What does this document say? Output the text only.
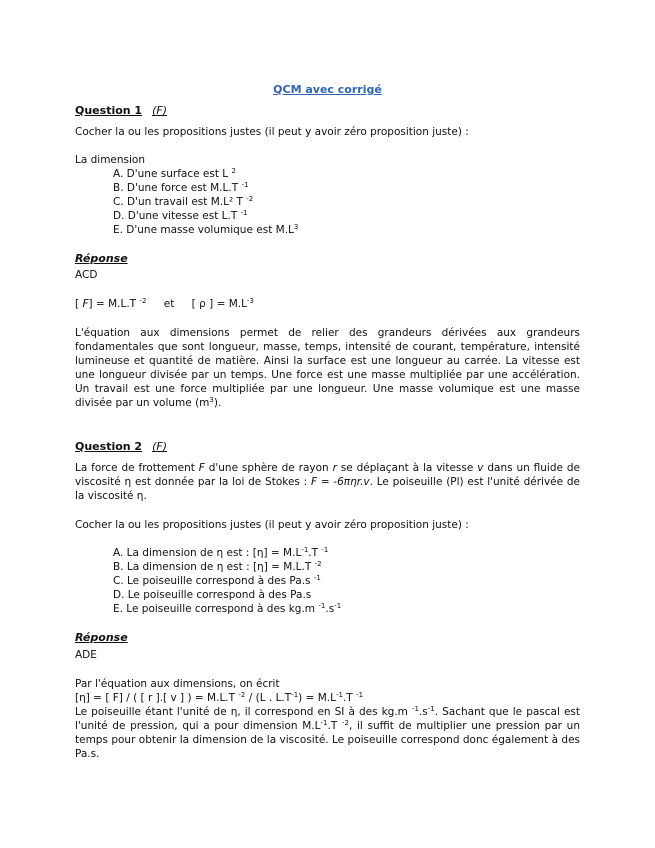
QCM avec corrigé
Question 1 (F)
Cocher la ou les propositions justes (il peut y avoir zéro proposition juste) :
La dimension
A. D'une surface est L $^2$
B. D'une force est M.L.T $^{-1}$
C. D'un travail est M.L² T $^{-2}$
D. D'une vitesse est L.T $^{-1}$
E. D'une masse volumique est $M.L^3$
Réponse
ACD
[ F] = M.L.T $^{-2}$ et [ ρ ] = $M.L^{-3}$

L'équation aux dimensions permet de relier des grandeurs dérivées aux grandeurs fondamentales que sont longueur, masse, temps, intensité de courant, température, intensité lumineuse et quantité de matière. Ainsi la surface est une longueur au carrée. La vitesse est une longueur divisée par un temps. Une force est une masse multipliée par une accélération. Un travail est une force multipliée par une longueur. Une masse volumique est une masse divisée par un volume $(m^3)$.

Question 2 (F)

La force de frottement F d'une sphère de rayon r se déplaçant à la vitesse v dans un fluide de viscosité η est donnée par la loi de Stokes : F = -6πηr.v. Le poiseuille (Pl) est l'unité dérivée de la viscosité η.

Cocher la ou les propositions justes (il peut y avoir zéro proposition juste) :
A. La dimension de η est : $[\eta] = M.L^{-1}.T$ $^{-1}$
B. La dimension de η est : [η] = M.L.T $^{-2}$
C. Le poiseuille correspond à des Pa.s $^{-1}$
D. Le poiseuille correspond à des Pa.s
E. Le poiseuille correspond à des kg.m $^{-1}.s^{-1}$
Réponse
ADE
Par l'équation aux dimensions, on écrit
[η] = [ F] / ( [ r ].[ v ] ) = M.L.T $^{-2}$ / (L . $L.T^{-1}) = M.L^{-1}.T$ $^{-1}$

Le poiseuille étant l'unité de η, il correspond en SI à des kg.m $^{-1}.s^{-1}$. Sachant que le pascal est l'unité de pression, qui a pour dimension $M.L^{-1}.T$ $^{-2}$, il suffit de multiplier une pression par un temps pour obtenir la dimension de la viscosité. Le poiseuille correspond donc également à des Pa.s.
